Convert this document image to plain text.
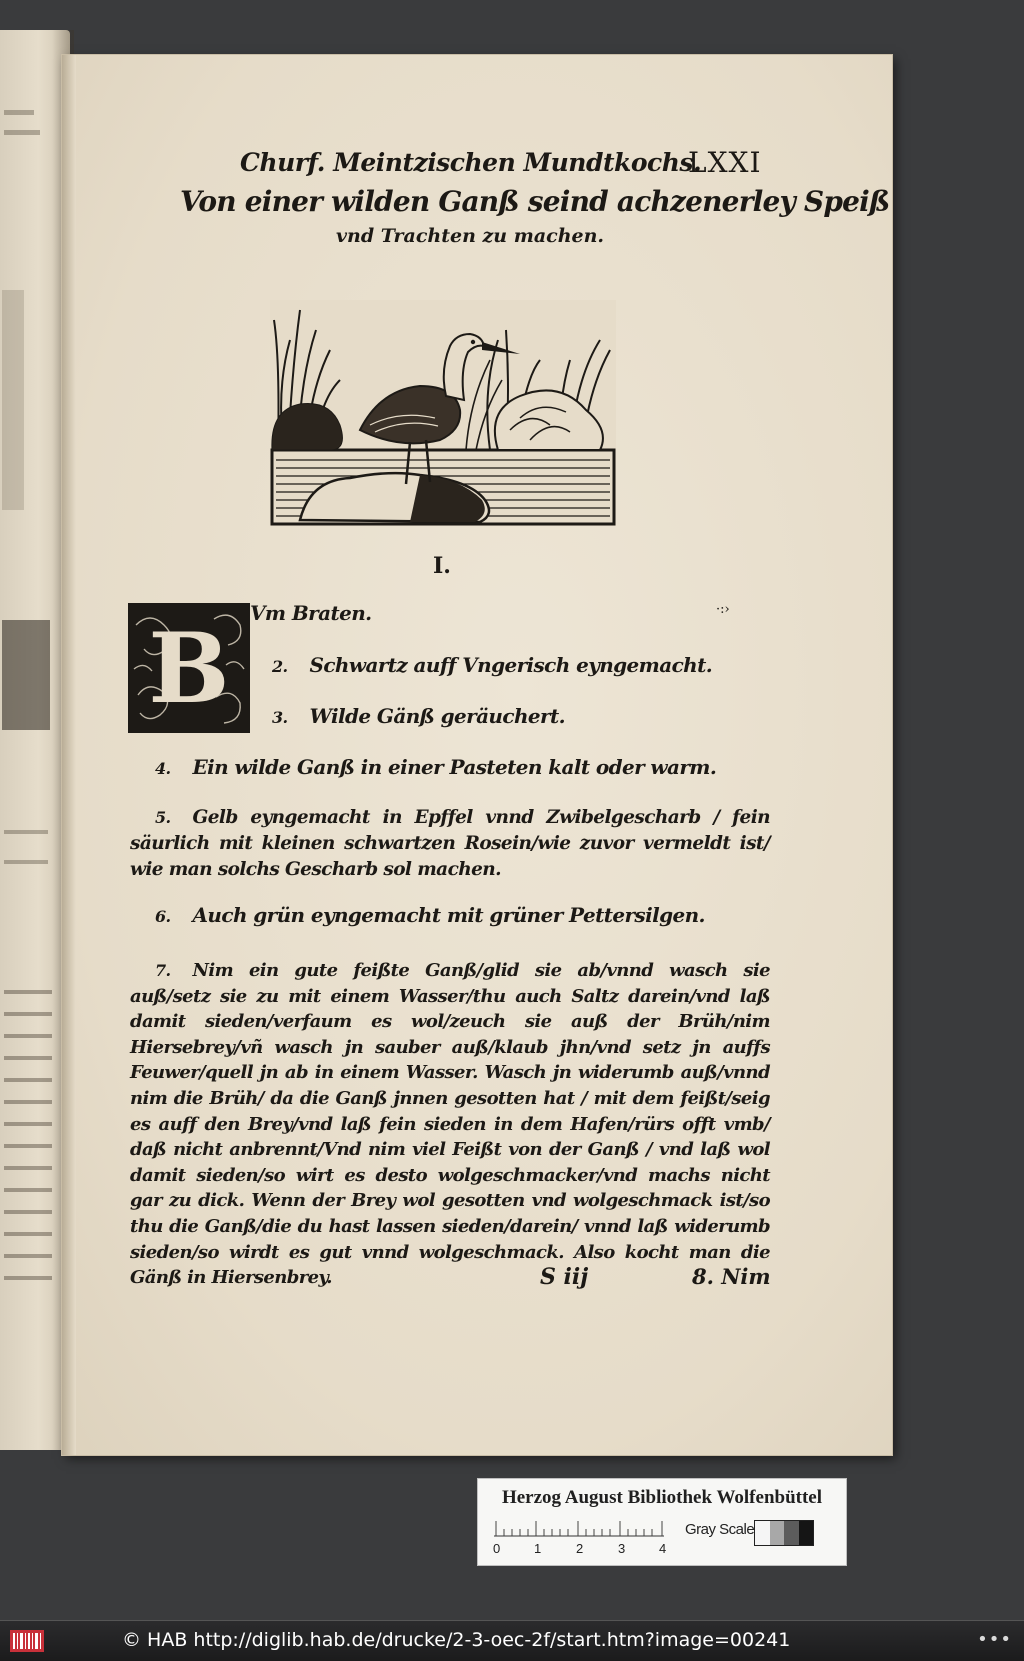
Churf. Meintzischen Mundtkochs.
LXXI
Von einer wilden Ganß seind achzenerley Speiß
vnd Trachten zu machen.
I.
B
·:›
Vm Braten.
2. Schwartz auff Vngerisch eyngemacht.
3. Wilde Gänß geräuchert.
4. Ein wilde Ganß in einer Pasteten kalt oder warm.
5. Gelb eyngemacht in Epffel vnnd Zwibelgescharb / fein säurlich mit kleinen schwartzen Rosein/wie zuvor vermeldt ist/ wie man solchs Gescharb sol machen.
6. Auch grün eyngemacht mit grüner Pettersilgen.
7. Nim ein gute feißte Ganß/glid sie ab/vnnd wasch sie auß/setz sie zu mit einem Wasser/thu auch Saltz darein/vnd laß damit sieden/verfaum es wol/zeuch sie auß der Brüh/nim Hiersebrey/vñ wasch jn sauber auß/klaub jhn/vnd setz jn auffs Feuwer/quell jn ab in einem Wasser. Wasch jn widerumb auß/vnnd nim die Brüh/ da die Ganß jnnen gesotten hat / mit dem feißt/seig es auff den Brey/vnd laß fein sieden in dem Hafen/rürs offt vmb/ daß nicht anbrennt/Vnd nim viel Feißt von der Ganß / vnd laß wol damit sieden/so wirt es desto wolgeschmacker/vnd machs nicht gar zu dick. Wenn der Brey wol gesotten vnd wolgeschmack ist/so thu die Ganß/die du hast lassen sieden/darein/ vnnd laß widerumb sieden/so wirdt es gut vnnd wolgeschmack. Also kocht man die Gänß in Hiersenbrey.	S iij	8. Nim
Herzog August Bibliothek Wolfenbüttel
0	1	2	3	4
Gray Scale
© HAB http://diglib.hab.de/drucke/2-3-oec-2f/start.htm?image=00241	•••
